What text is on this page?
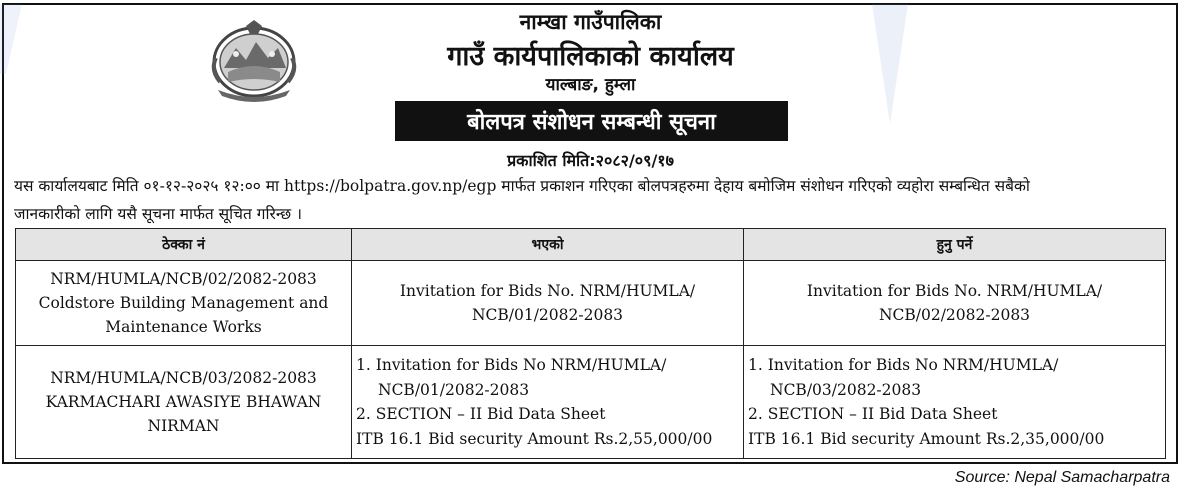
नाम्खा गाउँपालिका
गाउँ कार्यपालिकाको कार्यालय
याल्बाङ, हुम्ला
बोलपत्र संशोधन सम्बन्धी सूचना
प्रकाशित मिति:२०८२/०९/१७
यस कार्यालयबाट मिति ०१-१२-२०२५ १२:०० मा https://bolpatra.gov.np/egp मार्फत प्रकाशन गरिएका बोलपत्रहरुमा देहाय बमोजिम संशोधन गरिएको व्यहोरा सम्बन्धित सबैको
जानकारीको लागि यसै सूचना मार्फत सूचित गरिन्छ ।
ठेक्का नं	भएको	हुनु पर्ने

NRM/HUMLA/NCB/02/2082-2083
Coldstore Building Management and
Maintenance Works	Invitation for Bids No. NRM/HUMLA/
NCB/01/2082-2083	Invitation for Bids No. NRM/HUMLA/
NCB/02/2082-2083

NRM/HUMLA/NCB/03/2082-2083
KARMACHARI AWASIYE BHAWAN
NIRMAN	1. Invitation for Bids No NRM/HUMLA/
NCB/01/2082-2083
2. SECTION – II Bid Data Sheet
ITB 16.1 Bid security Amount Rs.2,55,000/00	1. Invitation for Bids No NRM/HUMLA/
NCB/03/2082-2083
2. SECTION – II Bid Data Sheet
ITB 16.1 Bid security Amount Rs.2,35,000/00
Source: Nepal Samacharpatra
